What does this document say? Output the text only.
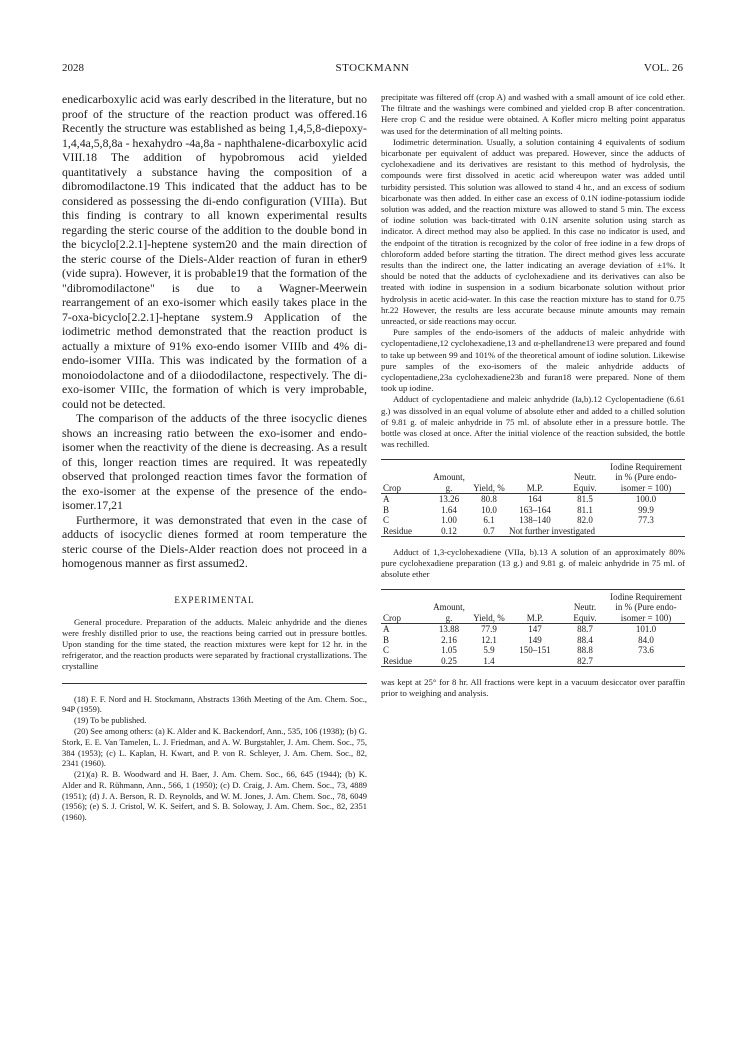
2028	STOCKMANN	VOL. 26

enedicarboxylic acid was early described in the literature, but no proof of the structure of the reaction product was offered.16 Recently the structure was established as being 1,4,5,8-diepoxy-1,4,4a,5,8,8a - hexahydro -4a,8a - naphthalene-dicarboxylic acid VIII.18 The addition of hypobromous acid yielded quantitatively a substance having the composition of a dibromodilactone.19 This indicated that the adduct has to be considered as possessing the di-endo configuration (VIIIa). But this finding is contrary to all known experimental results regarding the steric course of the addition to the double bond in the bicyclo[2.2.1]-heptene system20 and the main direction of the steric course of the Diels-Alder reaction of furan in ether9 (vide supra). However, it is probable19 that the formation of the "dibromodilactone" is due to a Wagner-Meerwein rearrangement of an exo-isomer which easily takes place in the 7-oxa-bicyclo[2.2.1]-heptane system.9 Application of the iodimetric method demonstrated that the reaction product is actually a mixture of 91% exo-endo isomer VIIIb and 4% di-endo-isomer VIIIa. This was indicated by the formation of a monoiodolactone and of a diiododilactone, respectively. The di-exo-isomer VIIIc, the formation of which is very improbable, could not be detected.

The comparison of the adducts of the three isocyclic dienes shows an increasing ratio between the exo-isomer and endo-isomer when the reactivity of the diene is decreasing. As a result of this, longer reaction times are required. It was repeatedly observed that prolonged reaction times favor the formation of the exo-isomer at the expense of the presence of the endo-isomer.17,21

Furthermore, it was demonstrated that even in the case of adducts of isocyclic dienes formed at room temperature the steric course of the Diels-Alder reaction does not proceed in a homogenous manner as first assumed2.

EXPERIMENTAL

General procedure. Preparation of the adducts. Maleic anhydride and the dienes were freshly distilled prior to use, the reactions being carried out in pressure bottles. Upon standing for the time stated, the reaction mixtures were kept for 12 hr. in the refrigerator, and the reaction products were separated by fractional crystallizations. The crystalline

(18) F. F. Nord and H. Stockmann, Abstracts 136th Meeting of the Am. Chem. Soc., 94P (1959).

(19) To be published.

(20) See among others: (a) K. Alder and K. Backendorf, Ann., 535, 106 (1938); (b) G. Stork, E. E. Van Tamelen, L. J. Friedman, and A. W. Burgstahler, J. Am. Chem. Soc., 75, 384 (1953); (c) L. Kaplan, H. Kwart, and P. von R. Schleyer, J. Am. Chem. Soc., 82, 2341 (1960).

(21)(a) R. B. Woodward and H. Baer, J. Am. Chem. Soc., 66, 645 (1944); (b) K. Alder and R. Rühmann, Ann., 566, 1 (1950); (c) D. Craig, J. Am. Chem. Soc., 73, 4889 (1951); (d) J. A. Berson, R. D. Reynolds, and W. M. Jones, J. Am. Chem. Soc., 78, 6049 (1956); (e) S. J. Cristol, W. K. Seifert, and S. B. Soloway, J. Am. Chem. Soc., 82, 2351 (1960).

precipitate was filtered off (crop A) and washed with a small amount of ice cold ether. The filtrate and the washings were combined and yielded crop B after concentration. Here crop C and the residue were obtained. A Kofler micro melting point apparatus was used for the determination of all melting points.

Iodimetric determination. Usually, a solution containing 4 equivalents of sodium bicarbonate per equivalent of adduct was prepared. However, since the adducts of cyclohexadiene and its derivatives are resistant to this method of hydrolysis, the compounds were first dissolved in acetic acid whereupon water was added until turbidity persisted. This solution was allowed to stand 4 hr., and an excess of sodium bicarbonate was then added. In either case an excess of 0.1N iodine-potassium iodide solution was added, and the reaction mixture was allowed to stand 5 min. The excess of iodine solution was back-titrated with 0.1N arsenite solution using starch as indicator. A direct method may also be applied. In this case no indicator is used, and the endpoint of the titration is recognized by the color of free iodine in a few drops of chloroform added before starting the titration. The direct method gives less accurate results than the indirect one, the latter indicating an average deviation of ±1%. It should be noted that the adducts of cyclohexadiene and its derivatives can also be treated with iodine in suspension in a sodium bicarbonate solution without prior hydrolysis in acetic acid-water. In this case the reaction mixture has to stand for 0.75 hr.22 However, the results are less accurate because minute amounts may remain unreacted, or side reactions may occur.

Pure samples of the endo-isomers of the adducts of maleic anhydride with cyclopentadiene,12 cyclohexadiene,13 and α-phellandrene13 were prepared and found to take up between 99 and 101% of the theoretical amount of iodine solution. Likewise pure samples of the exo-isomers of the maleic anhydride adducts of cyclopentadiene,23a cyclohexadiene23b and furan18 were prepared. None of them took up iodine.

Adduct of cyclopentadiene and maleic anhydride (Ia,b).12 Cyclopentadiene (6.61 g.) was dissolved in an equal volume of absolute ether and added to a chilled solution of 9.81 g. of maleic anhydride in 75 ml. of absolute ether in a pressure bottle. The bottle was closed at once. After the initial violence of the reaction subsided, the bottle was rechilled.

Crop	Amount, g.	Yield, %	M.P.	Neutr. Equiv.	Iodine Requirement in % (Pure endo-isomer = 100)
A	13.26	80.8	164	81.5	100.0
B	1.64	10.0	163–164	81.1	99.9
C	1.00	6.1	138–140	82.0	77.3
Residue	0.12	0.7	Not further investigated		

Adduct of 1,3-cyclohexadiene (VIIa, b).13 A solution of an approximately 80% pure cyclohexadiene preparation (13 g.) and 9.81 g. of maleic anhydride in 75 ml. of absolute ether

Crop	Amount, g.	Yield, %	M.P.	Neutr. Equiv.	Iodine Requirement in % (Pure endo-isomer = 100)
A	13.88	77.9	147	88.7	101.0
B	2.16	12.1	149	88.4	84.0
C	1.05	5.9	150–151	88.8	73.6
Residue	0.25	1.4		82.7	

was kept at 25° for 8 hr. All fractions were kept in a vacuum desiccator over paraffin prior to weighing and analysis.
